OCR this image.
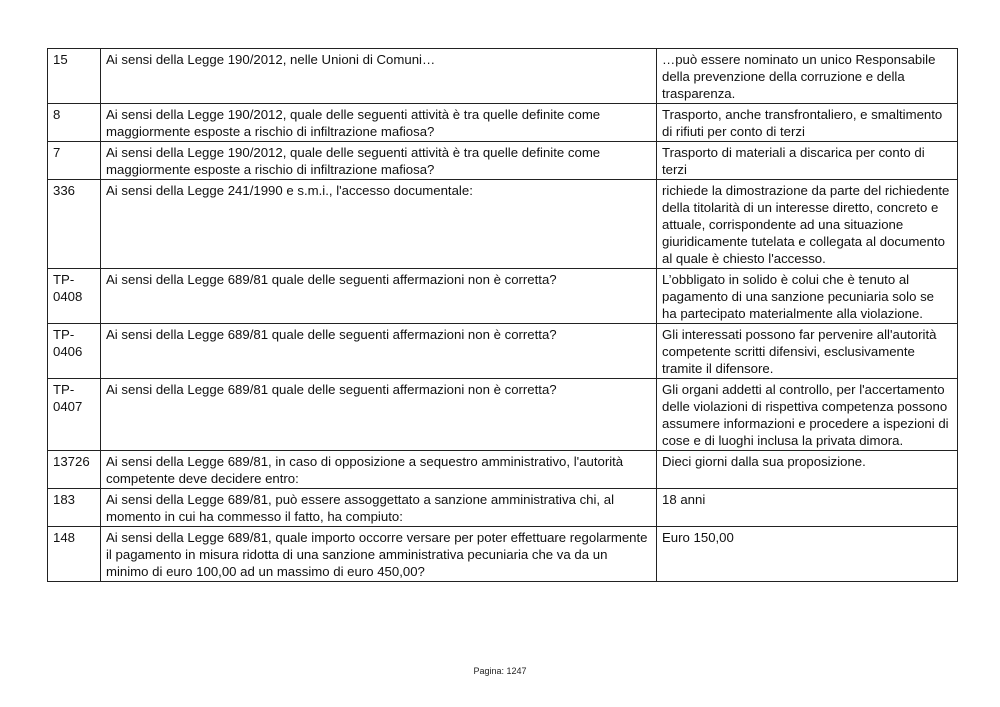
15	Ai sensi della Legge 190/2012, nelle Unioni di Comuni…	…può essere nominato un unico Responsabile della prevenzione della corruzione e della trasparenza.
8	Ai sensi della Legge 190/2012, quale delle seguenti attività è tra quelle definite come maggiormente esposte a rischio di infiltrazione mafiosa?	Trasporto, anche transfrontaliero, e smaltimento di rifiuti per conto di terzi
7	Ai sensi della Legge 190/2012, quale delle seguenti attività è tra quelle definite come maggiormente esposte a rischio di infiltrazione mafiosa?	Trasporto di materiali a discarica per conto di terzi
336	Ai sensi della Legge 241/1990 e s.m.i., l'accesso documentale:	richiede la dimostrazione da parte del richiedente della titolarità di un interesse diretto, concreto e attuale, corrispondente ad una situazione giuridicamente tutelata e collegata al documento al quale è chiesto l'accesso.
TP-0408	Ai sensi della Legge 689/81 quale delle seguenti affermazioni non è corretta?	L’obbligato in solido è colui che è tenuto al pagamento di una sanzione pecuniaria solo se ha partecipato materialmente alla violazione.
TP-0406	Ai sensi della Legge 689/81 quale delle seguenti affermazioni non è corretta?	Gli interessati possono far pervenire all'autorità competente scritti difensivi, esclusivamente tramite il difensore.
TP-0407	Ai sensi della Legge 689/81 quale delle seguenti affermazioni non è corretta?	Gli organi addetti al controllo, per l'accertamento delle violazioni di rispettiva competenza possono assumere informazioni e procedere a ispezioni di cose e di luoghi inclusa la privata dimora.
13726	Ai sensi della Legge 689/81, in caso di opposizione a sequestro amministrativo, l'autorità competente deve decidere entro:	Dieci giorni dalla sua proposizione.
183	Ai sensi della Legge 689/81, può essere assoggettato a sanzione amministrativa chi, al momento in cui ha commesso il fatto, ha compiuto:	18 anni
148	Ai sensi della Legge 689/81, quale importo occorre versare per poter effettuare regolarmente il pagamento in misura ridotta di una sanzione amministrativa pecuniaria che va da un minimo di euro 100,00 ad un massimo di euro 450,00?	Euro 150,00
Pagina: 1247
